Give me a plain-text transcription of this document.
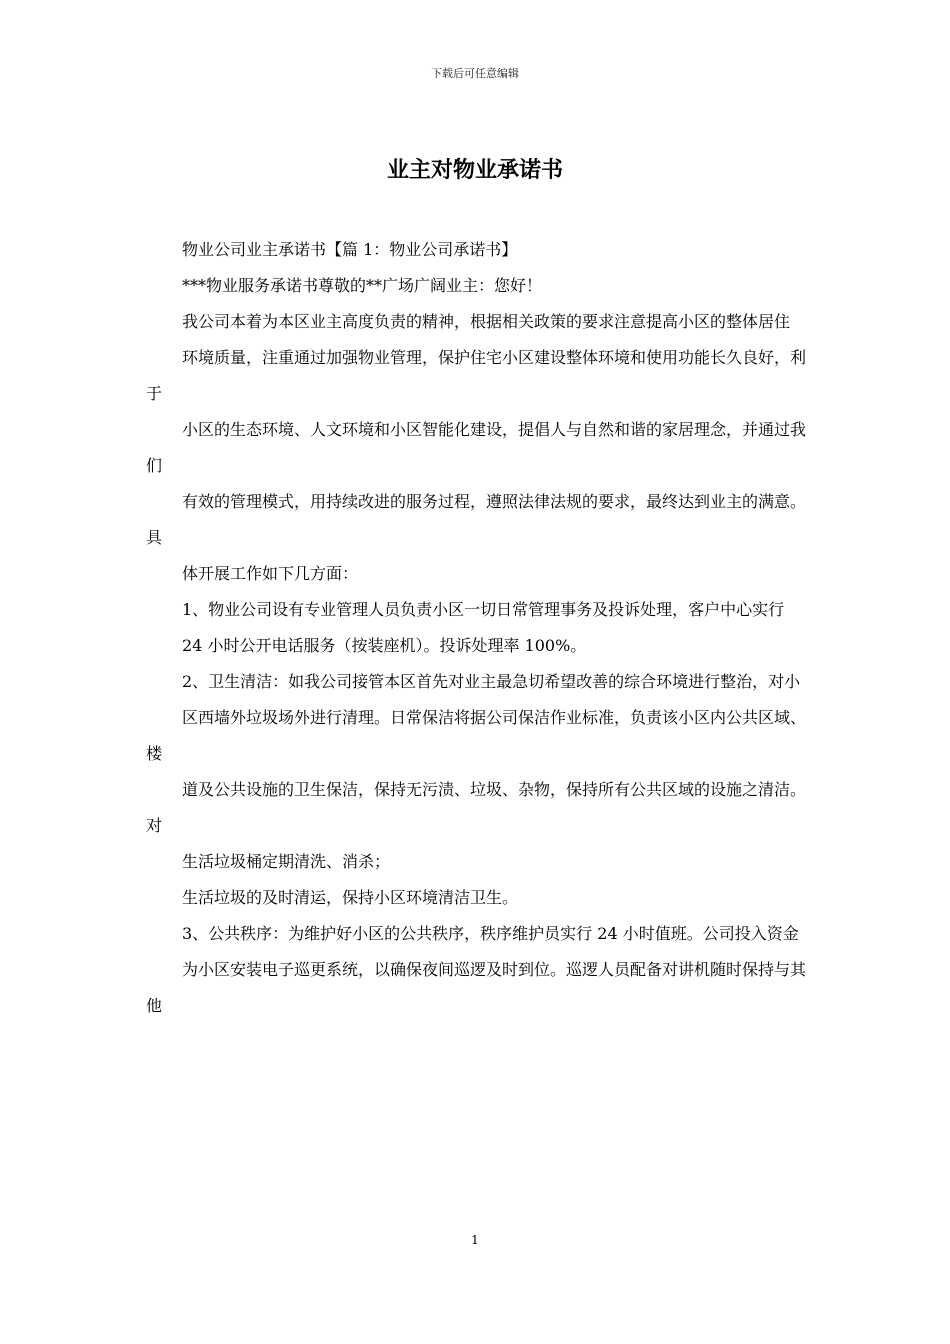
下载后可任意编辑
业主对物业承诺书

物业公司业主承诺书【篇 1：物业公司承诺书】

***物业服务承诺书尊敬的**广场广阔业主：您好！

我公司本着为本区业主高度负责的精神，根据相关政策的要求注意提高小区的整体居住

环境质量，注重通过加强物业管理，保护住宅小区建设整体环境和使用功能长久良好，利于

小区的生态环境、人文环境和小区智能化建设，提倡人与自然和谐的家居理念，并通过我们

有效的管理模式，用持续改进的服务过程，遵照法律法规的要求，最终达到业主的满意。具

体开展工作如下几方面：

1、物业公司设有专业管理人员负责小区一切日常管理事务及投诉处理，客户中心实行

24 小时公开电话服务（按装座机）。投诉处理率 100%。

2、卫生清洁：如我公司接管本区首先对业主最急切希望改善的综合环境进行整治，对小

区西墙外垃圾场外进行清理。日常保洁将据公司保洁作业标准，负责该小区内公共区域、楼

道及公共设施的卫生保洁，保持无污渍、垃圾、杂物，保持所有公共区域的设施之清洁。对

生活垃圾桶定期清洗、消杀；

生活垃圾的及时清运，保持小区环境清洁卫生。

3、公共秩序：为维护好小区的公共秩序，秩序维护员实行 24 小时值班。公司投入资金

为小区安装电子巡更系统，以确保夜间巡逻及时到位。巡逻人员配备对讲机随时保持与其他

1
